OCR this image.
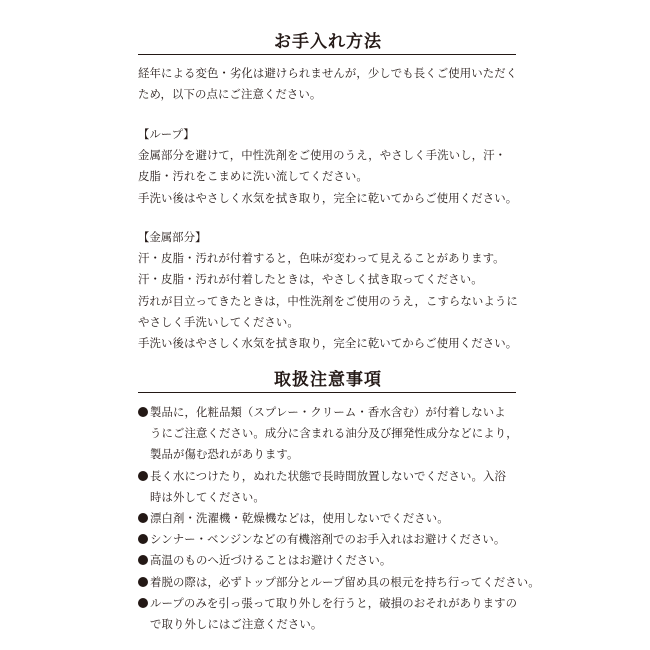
お手入れ方法
経年による変色・劣化は避けられませんが，少しでも長くご使用いただく
ため，以下の点にご注意ください。
【ループ】
金属部分を避けて，中性洗剤をご使用のうえ，やさしく手洗いし，汗・
皮脂・汚れをこまめに洗い流してください。
手洗い後はやさしく水気を拭き取り，完全に乾いてからご使用ください。
【金属部分】
汗・皮脂・汚れが付着すると，色味が変わって見えることがあります。
汗・皮脂・汚れが付着したときは，やさしく拭き取ってください。
汚れが目立ってきたときは，中性洗剤をご使用のうえ，こすらないように
やさしく手洗いしてください。
手洗い後はやさしく水気を拭き取り，完全に乾いてからご使用ください。
取扱注意事項
製品に，化粧品類（スプレー・クリーム・香水含む）が付着しないよ
うにご注意ください。成分に含まれる油分及び揮発性成分などにより，
製品が傷む恐れがあります。
長く水につけたり，ぬれた状態で長時間放置しないでください。入浴
時は外してください。
漂白剤・洗濯機・乾燥機などは，使用しないでください。
シンナー・ベンジンなどの有機溶剤でのお手入れはお避けください。
高温のものへ近づけることはお避けください。
着脱の際は，必ずトップ部分とループ留め具の根元を持ち行ってください。
ループのみを引っ張って取り外しを行うと，破損のおそれがありますの
で取り外しにはご注意ください。
